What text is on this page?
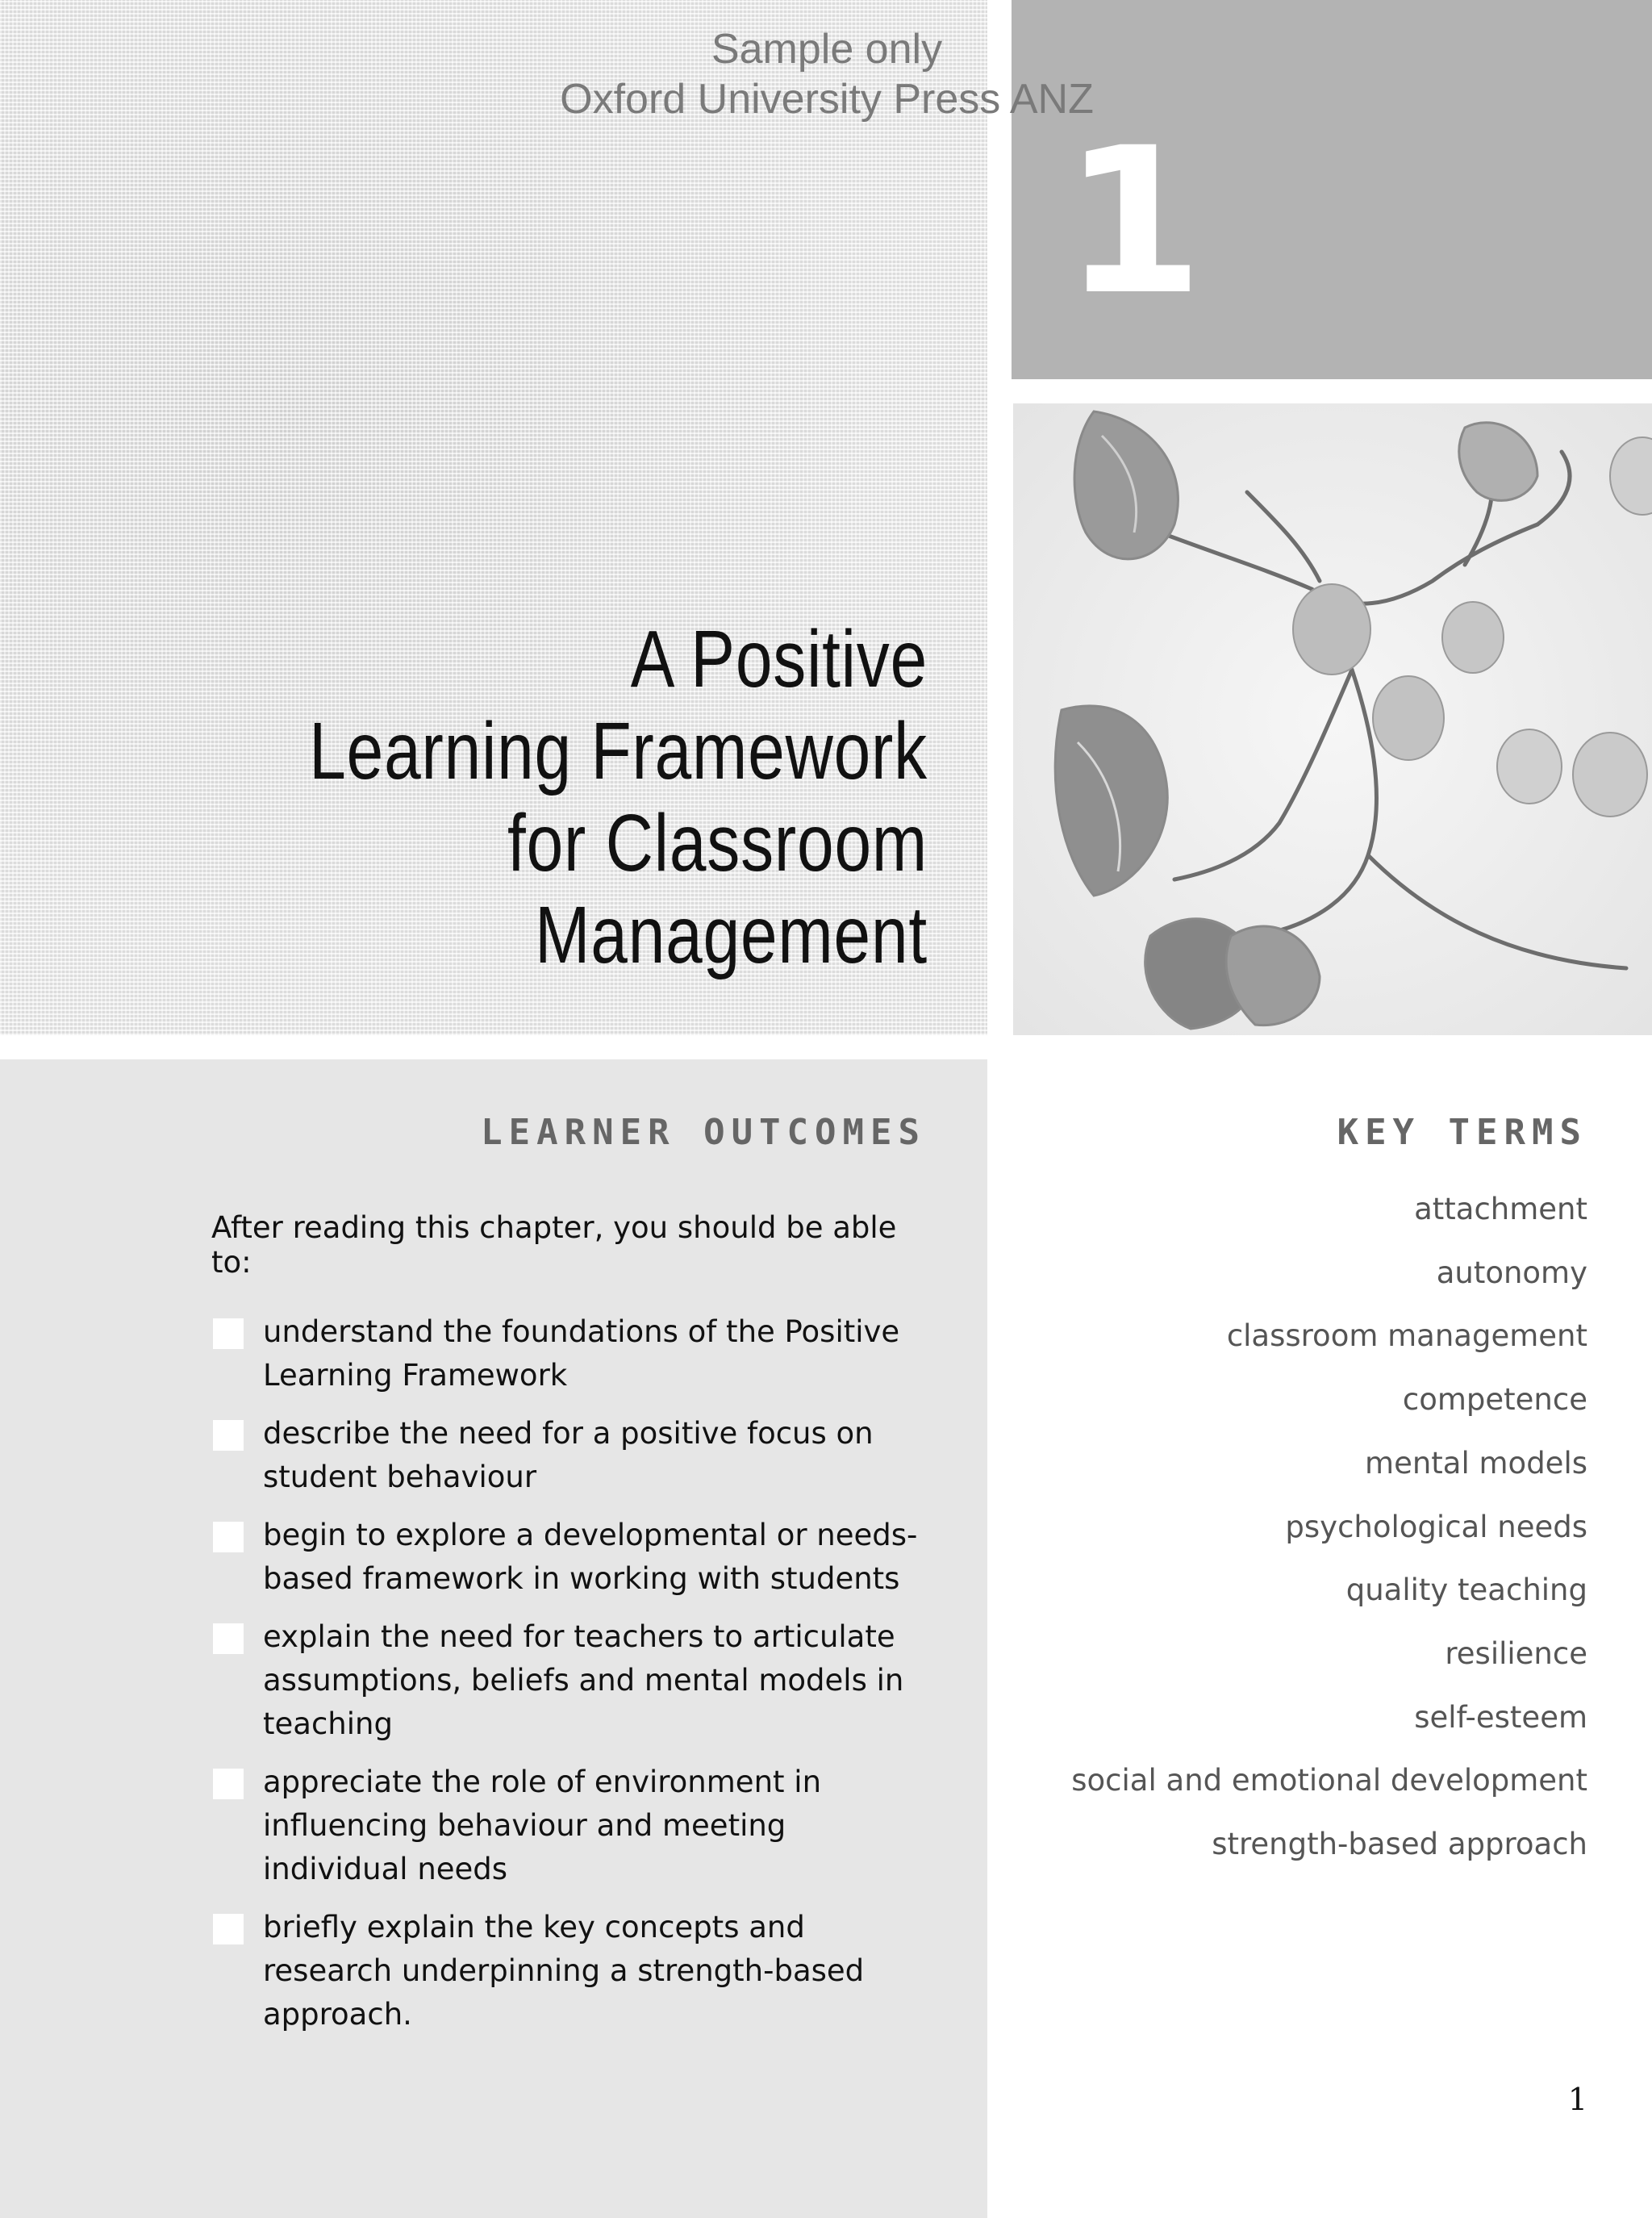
1
Sample only
Oxford University Press ANZ
A Positive
Learning Framework
for Classroom
Management
LEARNER OUTCOMES
After reading this chapter, you should be able to:
understand the foundations of the Positive Learning Framework
describe the need for a positive focus on student behaviour
begin to explore a developmental or needs-based framework in working with students
explain the need for teachers to articulate assumptions, beliefs and mental models in teaching
appreciate the role of environment in influencing behaviour and meeting individual needs
briefly explain the key concepts and research underpinning a strength-based approach.
KEY TERMS
attachment
autonomy
classroom management
competence
mental models
psychological needs
quality teaching
resilience
self-esteem
social and emotional development
strength-based approach
1
